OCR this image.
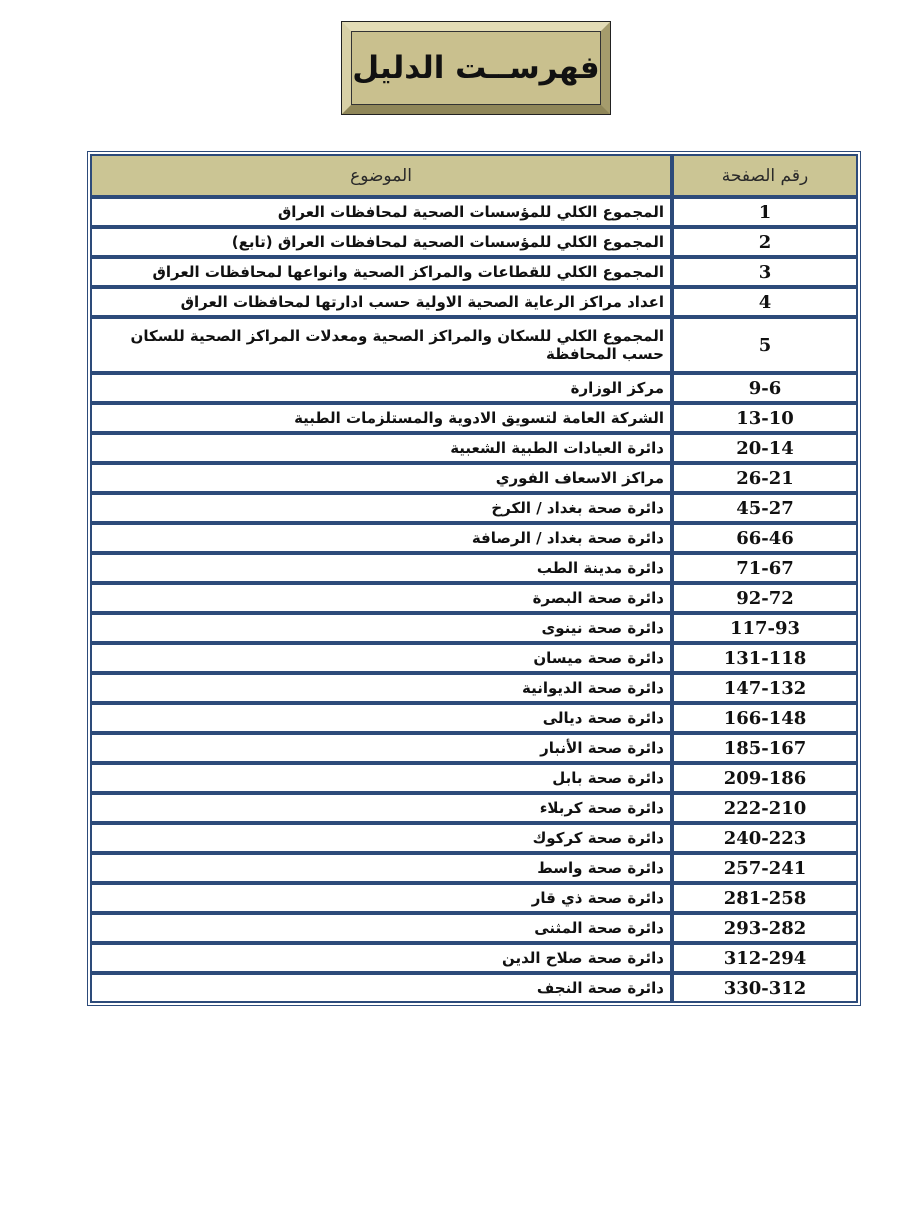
فهرســت الدليل
رقم الصفحة	الموضوع
1	المجموع الكلي للمؤسسات الصحية لمحافظات العراق
2	المجموع الكلي للمؤسسات الصحية لمحافظات العراق (تابع)
3	المجموع الكلي للقطاعات والمراكز الصحية وانواعها لمحافظات العراق
4	اعداد مراكز الرعاية الصحية الاولية حسب ادارتها لمحافظات العراق
5	المجموع الكلي للسكان والمراكز الصحية ومعدلات المراكز الصحية للسكان حسب المحافظة
9-6	مركز الوزارة
13-10	الشركة العامة لتسويق الادوية والمستلزمات الطبية
20-14	دائرة العيادات الطبية الشعبية
26-21	مراكز الاسعاف الفوري
45-27	دائرة صحة بغداد / الكرخ
66-46	دائرة صحة بغداد / الرصافة
71-67	دائرة مدينة الطب
92-72	دائرة صحة البصرة
117-93	دائرة صحة نينوى
131-118	دائرة صحة ميسان
147-132	دائرة صحة الديوانية
166-148	دائرة صحة ديالى
185-167	دائرة صحة الأنبار
209-186	دائرة صحة بابل
222-210	دائرة صحة كربلاء
240-223	دائرة صحة كركوك
257-241	دائرة صحة واسط
281-258	دائرة صحة ذي قار
293-282	دائرة صحة المثنى
312-294	دائرة صحة صلاح الدين
330-312	دائرة صحة النجف
